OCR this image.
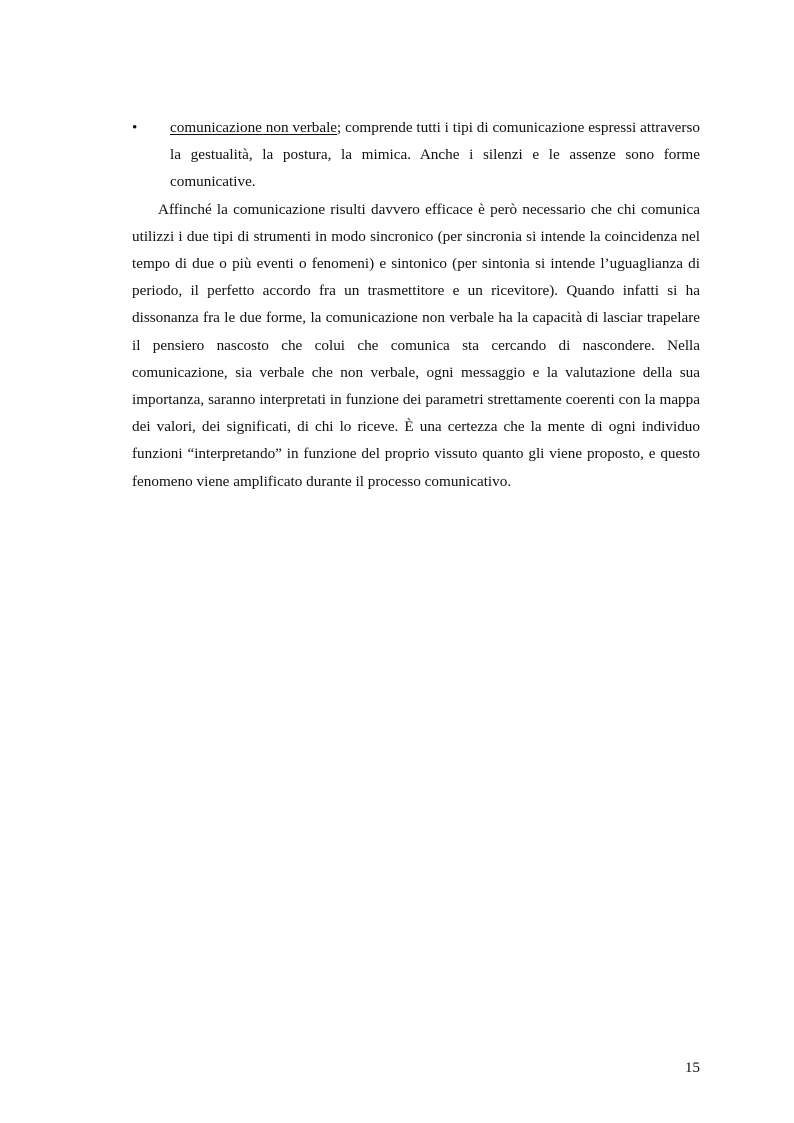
• comunicazione non verbale; comprende tutti i tipi di comunicazione espressi attraverso la gestualità, la postura, la mimica. Anche i silenzi e le assenze sono forme comunicative.

Affinché la comunicazione risulti davvero efficace è però necessario che chi comunica utilizzi i due tipi di strumenti in modo sincronico (per sincronia si intende la coincidenza nel tempo di due o più eventi o fenomeni) e sintonico (per sintonia si intende l’uguaglianza di periodo, il perfetto accordo fra un trasmettitore e un ricevitore). Quando infatti si ha dissonanza fra le due forme, la comunicazione non verbale ha la capacità di lasciar trapelare il pensiero nascosto che colui che comunica sta cercando di nascondere. Nella comunicazione, sia verbale che non verbale, ogni messaggio e la valutazione della sua importanza, saranno interpretati in funzione dei parametri strettamente coerenti con la mappa dei valori, dei significati, di chi lo riceve. È una certezza che la mente di ogni individuo funzioni “interpretando” in funzione del proprio vissuto quanto gli viene proposto, e questo fenomeno viene amplificato durante il processo comunicativo.

15
